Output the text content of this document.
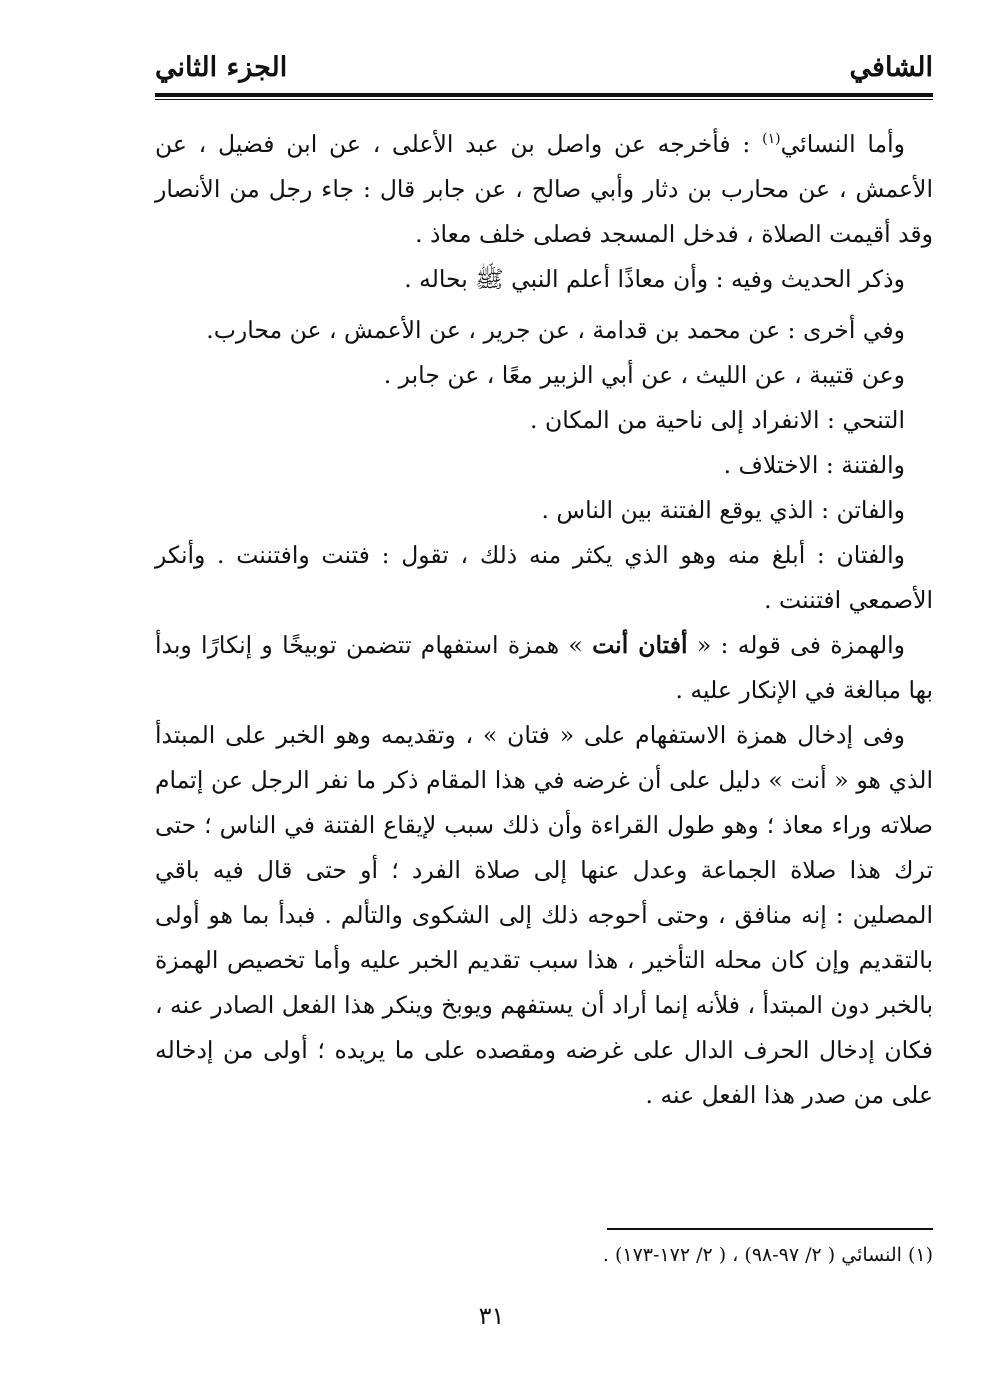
الشافي
الجزء الثاني

وأما النسائي$^{(١)}$ : فأخرجه عن واصل بن عبد الأعلى ، عن ابن فضيل ، عن الأعمش ، عن محارب بن دثار وأبي صالح ، عن جابر قال : جاء رجل من الأنصار وقد أقيمت الصلاة ، فدخل المسجد فصلى خلف معاذ .

وذكر الحديث وفيه : وأن معاذًا أعلم النبي ﷺ بحاله .

وفي أخرى : عن محمد بن قدامة ، عن جرير ، عن الأعمش ، عن محارب.

وعن قتيبة ، عن الليث ، عن أبي الزبير معًا ، عن جابر .

التنحي : الانفراد إلى ناحية من المكان .

والفتنة : الاختلاف .

والفاتن : الذي يوقع الفتنة بين الناس .

والفتان : أبلغ منه وهو الذي يكثر منه ذلك ، تقول : فتنت وافتننت . وأنكر الأصمعي افتننت .

والهمزة فى قوله : « أفتان أنت » همزة استفهام تتضمن توبيخًا و إنكارًا وبدأ بها مبالغة في الإنكار عليه .

وفى إدخال همزة الاستفهام على « فتان » ، وتقديمه وهو الخبر على المبتدأ الذي هو « أنت » دليل على أن غرضه في هذا المقام ذكر ما نفر الرجل عن إتمام صلاته وراء معاذ ؛ وهو طول القراءة وأن ذلك سبب لإيقاع الفتنة في الناس ؛ حتى ترك هذا صلاة الجماعة وعدل عنها إلى صلاة الفرد ؛ أو حتى قال فيه باقي المصلين : إنه منافق ، وحتى أحوجه ذلك إلى الشكوى والتألم . فبدأ بما هو أولى بالتقديم وإن كان محله التأخير ، هذا سبب تقديم الخبر عليه وأما تخصيص الهمزة بالخبر دون المبتدأ ، فلأنه إنما أراد أن يستفهم ويوبخ وينكر هذا الفعل الصادر عنه ، فكان إدخال الحرف الدال على غرضه ومقصده على ما يريده ؛ أولى من إدخاله على من صدر هذا الفعل عنه .

(١) النسائي ( ٢/ ٩٧-٩٨) ، ( ٢/ ١٧٢-١٧٣) .
٣١
